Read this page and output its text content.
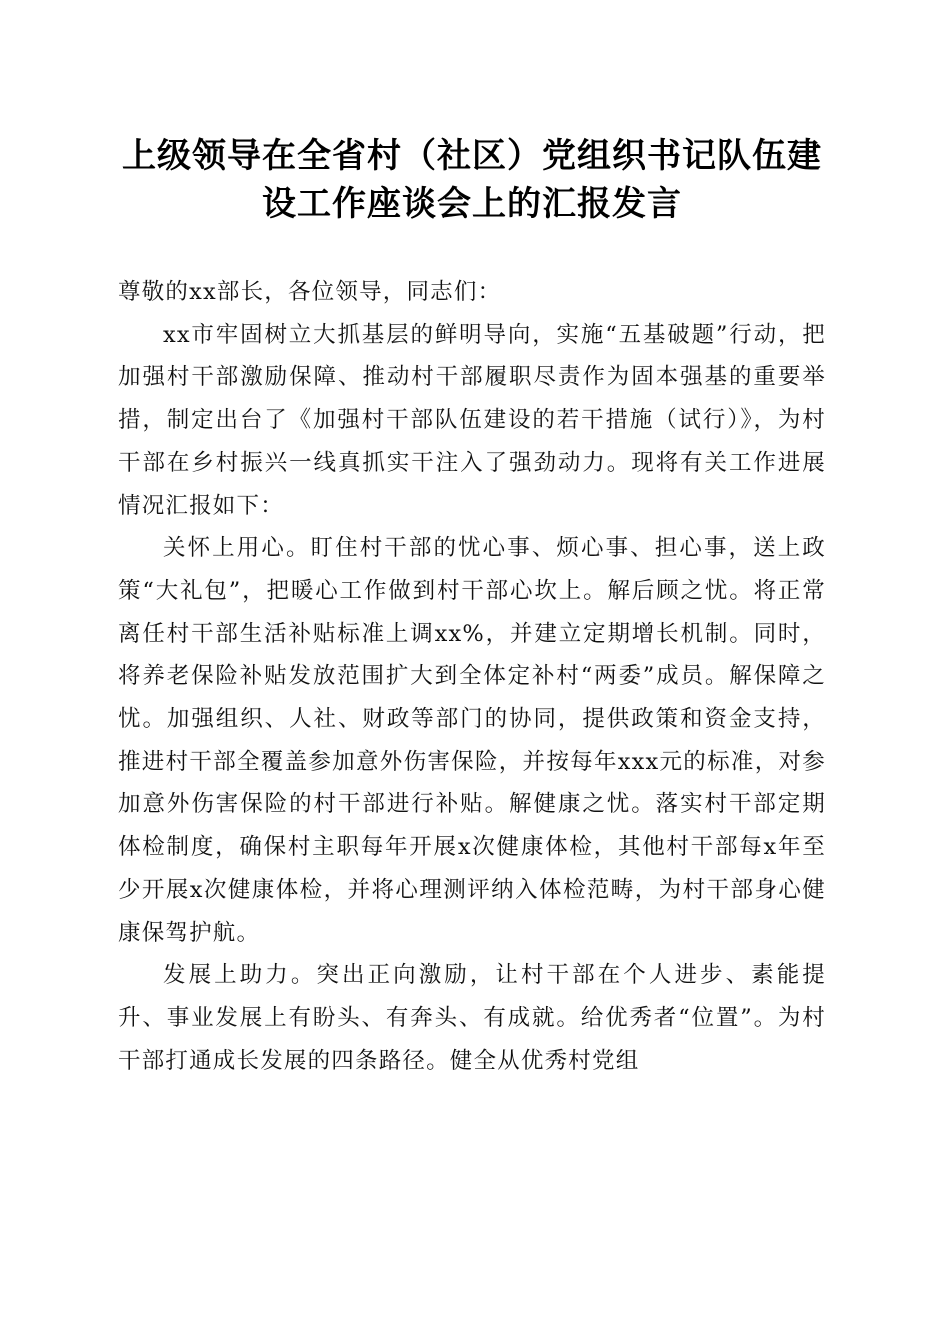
上级领导在全省村（社区）党组织书记队伍建
设工作座谈会上的汇报发言

尊敬的xx部长，各位领导，同志们：

xx市牢固树立大抓基层的鲜明导向，实施“五基破题”行动，把加强村干部激励保障、推动村干部履职尽责作为固本强基的重要举措，制定出台了《加强村干部队伍建设的若干措施（试行）》，为村干部在乡村振兴一线真抓实干注入了强劲动力。现将有关工作进展情况汇报如下：

关怀上用心。盯住村干部的忧心事、烦心事、担心事，送上政策“大礼包”，把暖心工作做到村干部心坎上。解后顾之忧。将正常离任村干部生活补贴标准上调xx%，并建立定期增长机制。同时，将养老保险补贴发放范围扩大到全体定补村“两委”成员。解保障之忧。加强组织、人社、财政等部门的协同，提供政策和资金支持，推进村干部全覆盖参加意外伤害保险，并按每年xxx元的标准，对参加意外伤害保险的村干部进行补贴。解健康之忧。落实村干部定期体检制度，确保村主职每年开展x次健康体检，其他村干部每x年至少开展x次健康体检，并将心理测评纳入体检范畴，为村干部身心健康保驾护航。

发展上助力。突出正向激励，让村干部在个人进步、素能提升、事业发展上有盼头、有奔头、有成就。给优秀者“位置”。为村干部打通成长发展的四条路径。健全从优秀村党组
